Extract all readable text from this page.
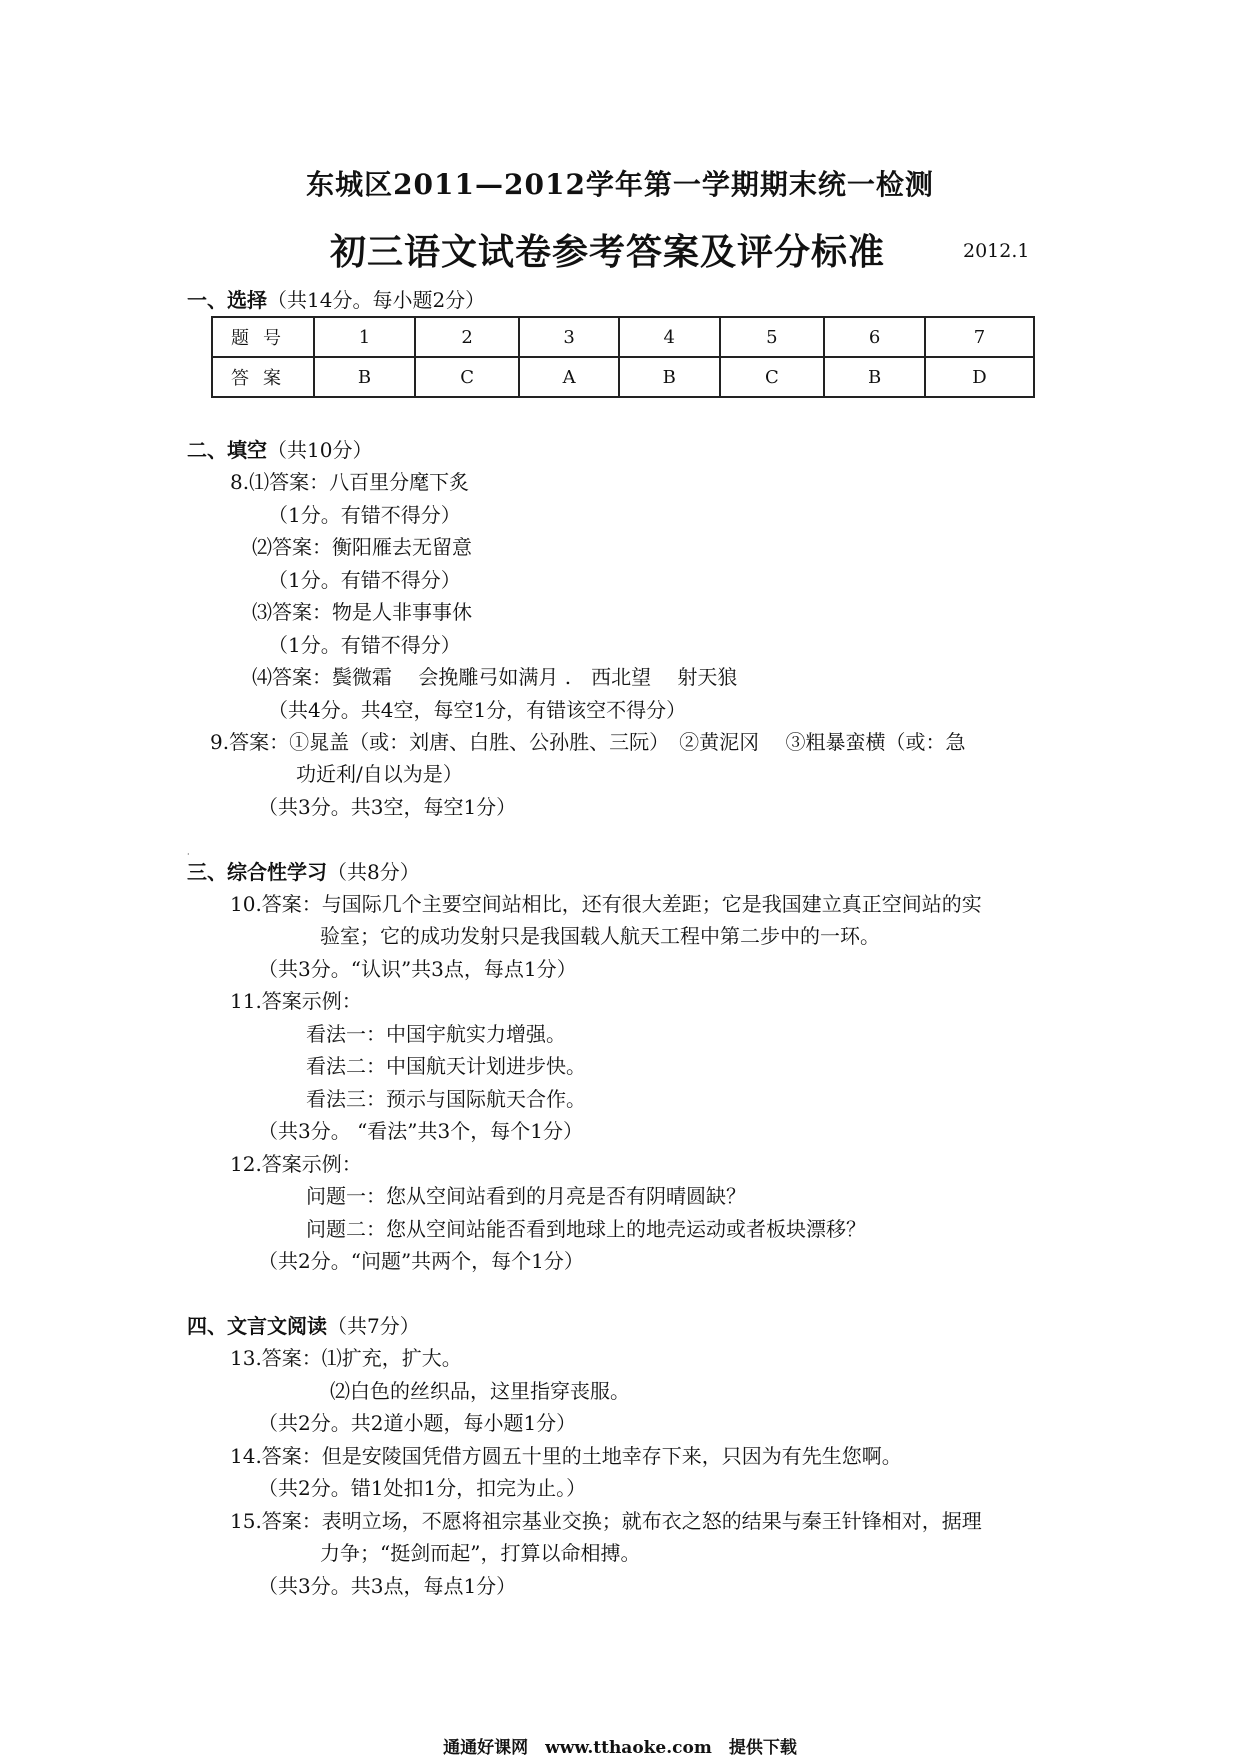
东城区2011—2012学年第一学期期末统一检测
初三语文试卷参考答案及评分标准	2012.1
一、选择（共14分。每小题2分）
题号	1	2	3	4	5	6	7
答案	B	C	A	B	C	B	D
二、填空（共10分）
8.⑴答案：八百里分麾下炙
（1分。有错不得分）
⑵答案：衡阳雁去无留意
（1分。有错不得分）
⑶答案：物是人非事事休
（1分。有错不得分）
⑷答案：鬓微霜　 会挽雕弓如满月 .　西北望　 射天狼
（共4分。共4空，每空1分，有错该空不得分）
9.答案：①晁盖（或：刘唐、白胜、公孙胜、三阮）　②黄泥冈　 ③粗暴蛮横（或：急
功近利/自以为是）
（共3分。共3空，每空1分）
·
三、综合性学习（共8分）
10.答案：与国际几个主要空间站相比，还有很大差距；它是我国建立真正空间站的实
验室；它的成功发射只是我国载人航天工程中第二步中的一环。
（共3分。“认识”共3点，每点1分）
11.答案示例：
看法一：中国宇航实力增强。
看法二：中国航天计划进步快。
看法三：预示与国际航天合作。
（共3分。 “看法”共3个，每个1分）
12.答案示例：
问题一：您从空间站看到的月亮是否有阴晴圆缺？
问题二：您从空间站能否看到地球上的地壳运动或者板块漂移？
（共2分。“问题”共两个，每个1分）
四、文言文阅读（共7分）
13.答案：⑴扩充，扩大。
⑵白色的丝织品，这里指穿丧服。
（共2分。共2道小题，每小题1分）
14.答案：但是安陵国凭借方圆五十里的土地幸存下来，只因为有先生您啊。
（共2分。错1处扣1分，扣完为止。）
15.答案：表明立场，不愿将祖宗基业交换；就布衣之怒的结果与秦王针锋相对，据理
力争；“挺剑而起”，打算以命相搏。
（共3分。共3点，每点1分）
通通好课网　www.tthaoke.com　提供下载
